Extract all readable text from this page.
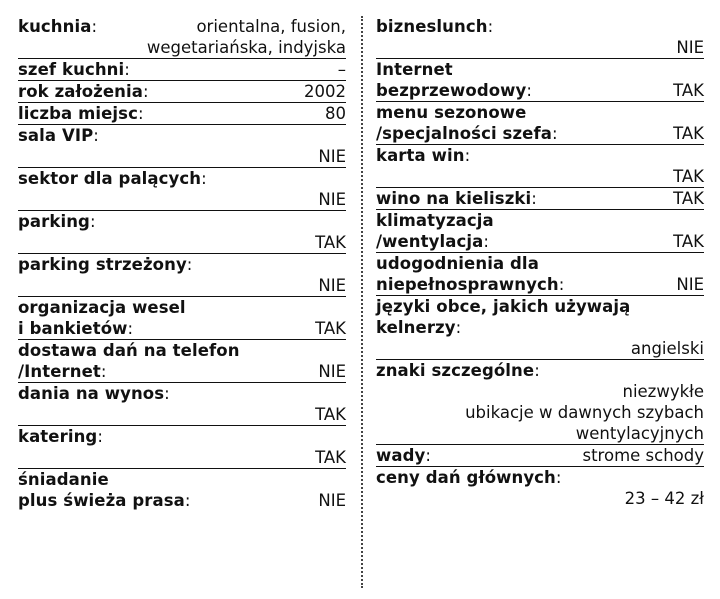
kuchnia:	orientalna, fusion,
wegetariańska, indyjska
szef kuchni:	–
rok założenia:	2002
liczba miejsc:	80
sala VIP:
NIE
sektor dla palących:
NIE
parking:
TAK
parking strzeżony:
NIE
organizacja wesel
i bankietów:	TAK
dostawa dań na telefon
/Internet:	NIE
dania na wynos:
TAK
katering:
TAK
śniadanie
plus świeża prasa:	NIE
bizneslunch:
NIE
Internet
bezprzewodowy:	TAK
menu sezonowe
/specjalności szefa:	TAK
karta win:
TAK
wino na kieliszki:	TAK
klimatyzacja
/wentylacja:	TAK
udogodnienia dla
niepełnosprawnych:	NIE
języki obce, jakich używają
kelnerzy:
angielski
znaki szczególne:
niezwykłe
ubikacje w dawnych szybach
wentylacyjnych
wady:	strome schody
ceny dań głównych:
23 – 42 zł
